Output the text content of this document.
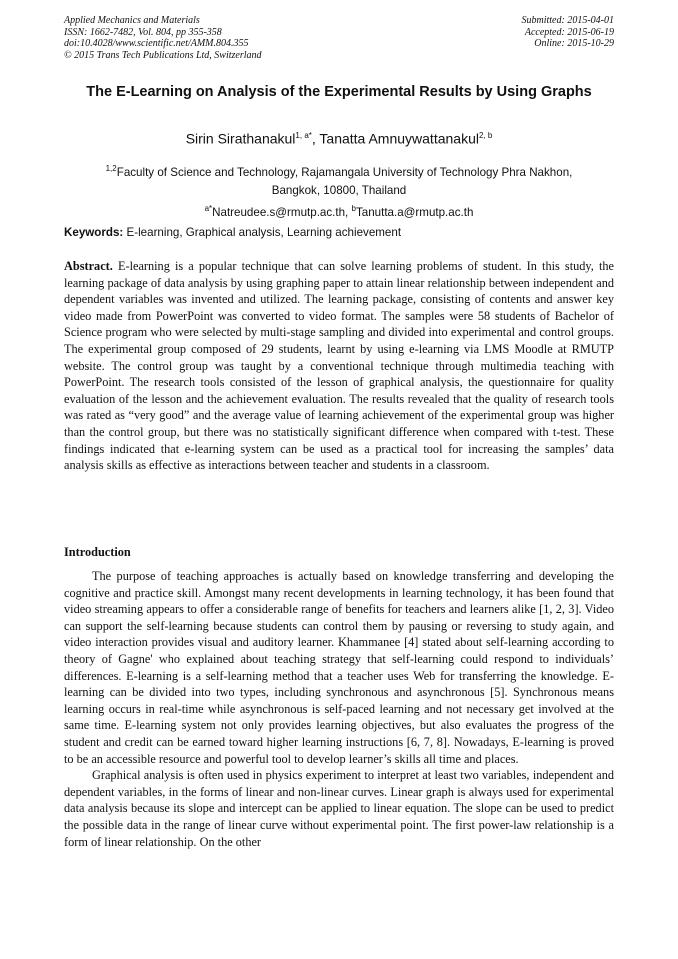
Applied Mechanics and Materials
ISSN: 1662-7482, Vol. 804, pp 355-358
doi:10.4028/www.scientific.net/AMM.804.355
© 2015 Trans Tech Publications Ltd, Switzerland
Submitted: 2015-04-01
Accepted: 2015-06-19
Online: 2015-10-29
The E-Learning on Analysis of the Experimental Results by Using Graphs
Sirin Sirathanakul$^{1, a*}$, Tanatta Amnuywattanakul$^{2, b}$
$^{1,2}$Faculty of Science and Technology, Rajamangala University of Technology Phra Nakhon,
Bangkok, 10800, Thailand
$^{a*}$Natreudee.s@rmutp.ac.th, $^b$Tanutta.a@rmutp.ac.th
Keywords: E-learning, Graphical analysis, Learning achievement

Abstract. E-learning is a popular technique that can solve learning problems of student. In this study, the learning package of data analysis by using graphing paper to attain linear relationship between independent and dependent variables was invented and utilized. The learning package, consisting of contents and answer key video made from PowerPoint was converted to video format. The samples were 58 students of Bachelor of Science program who were selected by multi-stage sampling and divided into experimental and control groups. The experimental group composed of 29 students, learnt by using e-learning via LMS Moodle at RMUTP website. The control group was taught by a conventional technique through multimedia teaching with PowerPoint. The research tools consisted of the lesson of graphical analysis, the questionnaire for quality evaluation of the lesson and the achievement evaluation. The results revealed that the quality of research tools was rated as “very good” and the average value of learning achievement of the experimental group was higher than the control group, but there was no statistically significant difference when compared with t-test. These findings indicated that e-learning system can be used as a practical tool for increasing the samples’ data analysis skills as effective as interactions between teacher and students in a classroom.

Introduction

The purpose of teaching approaches is actually based on knowledge transferring and developing the cognitive and practice skill. Amongst many recent developments in learning technology, it has been found that video streaming appears to offer a considerable range of benefits for teachers and learners alike [1, 2, 3]. Video can support the self-learning because students can control them by pausing or reversing to study again, and video interaction provides visual and auditory learner. Khammanee [4] stated about self-learning according to theory of Gagne' who explained about teaching strategy that self-learning could respond to individuals’ differences. E-learning is a self-learning method that a teacher uses Web for transferring the knowledge. E-learning can be divided into two types, including synchronous and asynchronous [5]. Synchronous means learning occurs in real-time while asynchronous is self-paced learning and not necessary get involved at the same time. E-learning system not only provides learning objectives, but also evaluates the progress of the student and credit can be earned toward higher learning instructions [6, 7, 8]. Nowadays, E-learning is proved to be an accessible resource and powerful tool to develop learner’s skills all time and places.

Graphical analysis is often used in physics experiment to interpret at least two variables, independent and dependent variables, in the forms of linear and non-linear curves. Linear graph is always used for experimental data analysis because its slope and intercept can be applied to linear equation. The slope can be used to predict the possible data in the range of linear curve without experimental point. The first power-law relationship is a form of linear relationship. On the other
